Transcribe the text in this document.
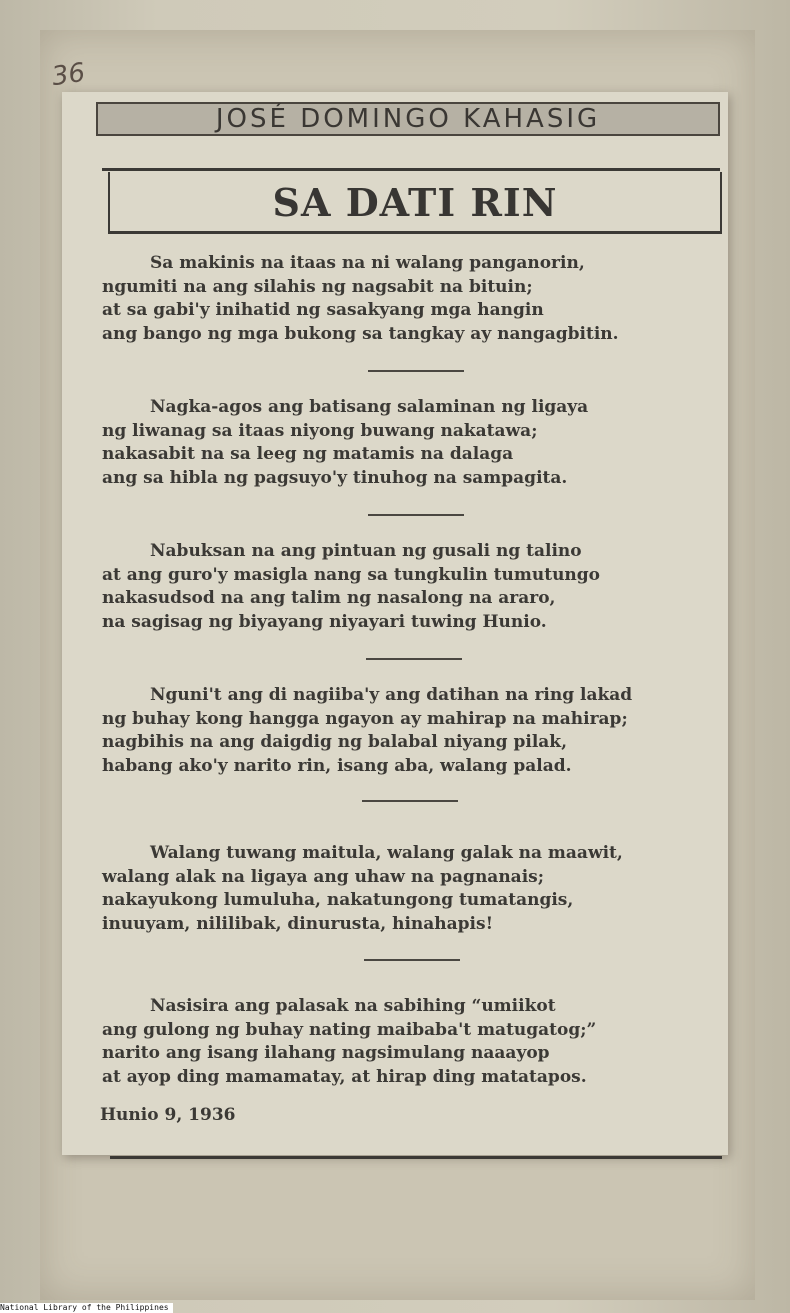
36
JOSÉ DOMINGO KAHASIG
SA DATI RIN
Sa makinis na itaas na ni walang panganorin,
ngumiti na ang silahis ng nagsabit na bituin;
at sa gabi'y inihatid ng sasakyang mga hangin
ang bango ng mga bukong sa tangkay ay nangagbitin.
Nagka-agos ang batisang salaminan ng ligaya
ng liwanag sa itaas niyong buwang nakatawa;
nakasabit na sa leeg ng matamis na dalaga
ang sa hibla ng pagsuyo'y tinuhog na sampagita.
Nabuksan na ang pintuan ng gusali ng talino
at ang guro'y masigla nang sa tungkulin tumutungo
nakasudsod na ang talim ng nasalong na araro,
na sagisag ng biyayang niyayari tuwing Hunio.
Nguni't ang di nagiiba'y ang datihan na ring lakad
ng buhay kong hangga ngayon ay mahirap na mahirap;
nagbihis na ang daigdig ng balabal niyang pilak,
habang ako'y narito rin, isang aba, walang palad.
Walang tuwang maitula, walang galak na maawit,
walang alak na ligaya ang uhaw na pagnanais;
nakayukong lumuluha, nakatungong tumatangis,
inuuyam, nililibak, dinurusta, hinahapis!
Nasisira ang palasak na sabihing “umiikot
ang gulong ng buhay nating maibaba't matugatog;”
narito ang isang ilahang nagsimulang naaayop
at ayop ding mamamatay, at hirap ding matatapos.
Hunio 9, 1936
National Library of the Philippines
